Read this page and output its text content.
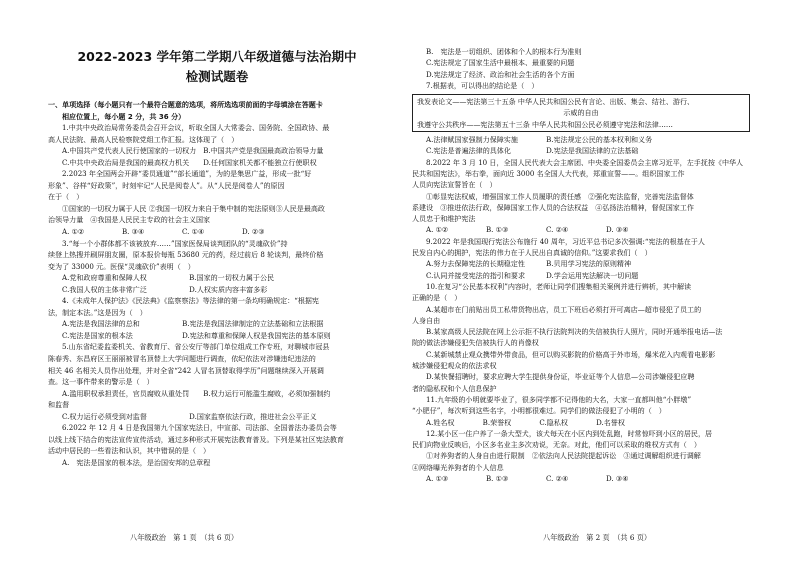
2022-2023 学年第二学期八年级道德与法治期中
检测试题卷
一、单项选择（每小题只有一个最符合题意的选项，将所选选项前面的字母填涂在答题卡
相应位置上，每小题 2 分，共 36 分）
1.中共中央政治局常务委员会召开会议，听取全国人大常委会、国务院、全国政协、最
高人民法院、最高人民检察院党组工作汇报。这体现了（　）
A.中国共产党代表人民行使国家的一切权力　B.中国共产党是我国最高政治领导力量
C.中共中央政治局是我国的最高权力机关　　D.任何国家机关都不能独立行使职权
2.2023 年全国两会开辟“委员通道”“部长通道”，为的是集思广益，形成一批“好
形象”、谷样“好政策”，时刻牢记“人民是阅卷人”。从“人民是阅卷人”的原因
在于（　）
①国家的一切权力属于人民 ②我国一切权力来自于集中制的宪法原则③人民是最高政
治领导力量　④我国是人民民主专政的社会主义国家
A. ①②	B. ③④	C. ①④	D. ②③
3.“每一个小群体都不该被放弃……”国家医保局谈判团队的“灵魂砍价”持
续登上热搜并刷屏朋友圈，原本报价每瓶 53680 元的药，经过前后 8 轮谈判，最终价格
变为了 33000 元。医保“灵魂砍价”表明（　）
A.党和政府尊重和保障人权　　　　　　B.国家的一切权力属于公民
C.我国人权的主体非常广泛　　　　　　D.人权实质内容丰富多彩
4.《未成年人保护法》《民法典》《监察察法》等法律的第一条均明确规定：“根据宪
法，制定本法。”这是因为（　）
A.宪法是我国法律的总和　　　　　　B.宪法是我国法律制定的立法基础和立法根据
C.宪法是国家的根本法　　　　　　　D.宪法和尊重和保障人权是我国宪法的基本原则
5.山东省纪委监委机关、省教育厅、省公安厅等部门单位组成工作专班，对聊城市冠县
陈春秀、东昌府区王丽丽被冒名顶替上大学问题进行调查，依纪依法对涉嫌违纪违法的
相关 46 名相关人员作出处理，并对全省“242 人冒名顶替取得学历”问题继续深入开展调
查。这一事件带来的警示是（　）
A.滥用职权承担责任，官员腐败从重处罚　　B.权力运行可能滥生腐败，必须加强制约
和监督
C.权力运行必须受到对监督　　　　　　D.国家监察依法行政，推进社会公平正义
6.2022 年 12 月 4 日是我国第九个国家宪法日，中宣部、司法部、全国普法办委员会等
以线上线下结合的宪法宣传宣传活动，通过多种形式开展宪法教育普及。下列是某社区宪法教育
活动中居民的一些看法和认识，其中错误的是（　）
A.　宪法是国家的根本法，是治国安邦的总章程
B.　宪法是一切组织、团体和个人的根本行为准则
C.宪法规定了国家生活中最根本、最重要的问题
D.宪法规定了经济、政治和社会生活的各个方面
7.根据表，可以得出的结论是（　）
我发表论文——宪法第三十五条 中华人民共和国公民有言论、出版、集会、结社、游行、
示威的自由
我遵守公共秩序——宪法第五十三条 中华人民共和国公民必须遵守宪法和法律……
A.法律赋国家强制力保障实施　　　　B.宪法规定公民的基本权利和义务
C.宪法是普遍法律的具体化　　　　　D.宪法是我国法律的立法基础
8.2022 年 3 月 10 日，全国人民代表大会主席团、中央委全国委员会主席习近平，左手抚按《中华人
民共和国宪法》，举右拳，面向近 3000 名全国人大代表，郑重宣誓——。组织国家工作
人员向宪法宣誓旨在（　）
①彰显宪法权威，增强国家工作人员履职的责任感　②强化宪法监督，完善宪法监督体
系建设　③推进依法行政，保障国家工作人员的合法权益　④弘扬法治精神，督促国家工作
人员忠于和维护宪法
A. ①②	B. ①③	C. ②④	D. ③④
9.2022 年是我国现行宪法公布施行 40 周年，习近平总书记多次强调:“宪法的根基在于人
民发自内心的拥护，宪法的伟力在于人民出自真诚的信仰。”这要求我们（　）
A.努力去保障宪法的长期稳定性　　　B.贝用学习宪法的原则精神
C.认同并接受宪法的指引和要求　　　D.学会运用宪法解决一切问题
10.在复习“公民基本权利”内容时，老师让同学们搜集相关案例并进行辨析，其中解读
正确的是（　）
A.某超市在门前贴出员工私带货物出店，员工下班后必须打开可离店—超市侵犯了员工的
人身自由
B.某家高级人民法院在网上公示拒不执行法院判决的失信被执行人照片，同时开通举报电话—法
院的做法涉嫌侵犯失信被执行人的肖像权
C.某新城禁止观众携带外带食品，但可以购买影院的价格高于外市场，爆米花入内观看电影影
城涉嫌侵犯观众的依法求权
D.某快餐招聘时，要求应聘大学生提供身份证，毕业证等个人信息—公司涉嫌侵犯应聘
者的隐私权和个人信息保护
11.九年级的小明就要毕业了，很多同学都不记得他的大名，大家一直都叫他“小胖墩”
“小肥仔”，每次听到这些名字，小明都很难过。同学们的做法侵犯了小明的（　）
A.姓名权　　　　B.荣誉权　　　　C.隐私权　　　　D.名誉权
12.某小区一住户养了一条大型犬，该犬每天在小区内到处乱跑，时常惊吓到小区的居民，居
民们向物业反映后，小区多名业主多次劝说，无奈。对此，他们可以采取的维权方式有（　）
①对养狗者的人身自由进行限制　②依法向人民法院提起诉讼　③通过调解组织进行调解
④网络曝光养狗者的个人信息
A. ①③	B. ①③	C. ②④	D. ③④
八年级政治　第 1 页　（共 6 页）	八年级政治　第 2 页　（共 6 页）
